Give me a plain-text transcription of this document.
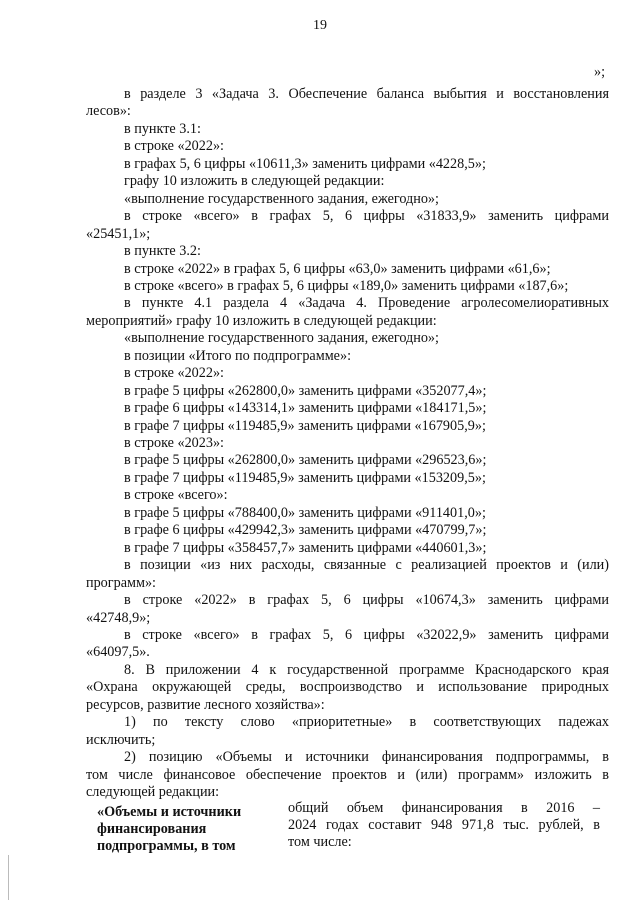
19
»;
в разделе 3 «Задача 3. Обеспечение баланса выбытия и восстановления
лесов»:
в пункте 3.1:
в строке «2022»:
в графах 5, 6 цифры «10611,3» заменить цифрами «4228,5»;
графу 10 изложить в следующей редакции:
«выполнение государственного задания, ежегодно»;
в строке «всего» в графах 5, 6 цифры «31833,9» заменить цифрами
«25451,1»;
в пункте 3.2:
в строке «2022» в графах 5, 6 цифры «63,0» заменить цифрами «61,6»;
в строке «всего» в графах 5, 6 цифры «189,0» заменить цифрами «187,6»;
в пункте 4.1 раздела 4 «Задача 4. Проведение агролесомелиоративных
мероприятий» графу 10 изложить в следующей редакции:
«выполнение государственного задания, ежегодно»;
в позиции «Итого по подпрограмме»:
в строке «2022»:
в графе 5 цифры «262800,0» заменить цифрами «352077,4»;
в графе 6 цифры «143314,1» заменить цифрами «184171,5»;
в графе 7 цифры «119485,9» заменить цифрами «167905,9»;
в строке «2023»:
в графе 5 цифры «262800,0» заменить цифрами «296523,6»;
в графе 7 цифры «119485,9» заменить цифрами «153209,5»;
в строке «всего»:
в графе 5 цифры «788400,0» заменить цифрами «911401,0»;
в графе 6 цифры «429942,3» заменить цифрами «470799,7»;
в графе 7 цифры «358457,7» заменить цифрами «440601,3»;
в позиции «из них расходы, связанные с реализацией проектов и (или)
программ»:
в строке «2022» в графах 5, 6 цифры «10674,3» заменить цифрами
«42748,9»;
в строке «всего» в графах 5, 6 цифры «32022,9» заменить цифрами
«64097,5».
8. В приложении 4 к государственной программе Краснодарского края
«Охрана окружающей среды, воспроизводство и использование природных
ресурсов, развитие лесного хозяйства»:
1) по тексту слово «приоритетные» в соответствующих падежах
исключить;
2) позицию «Объемы и источники финансирования подпрограммы, в
том числе финансовое обеспечение проектов и (или) программ» изложить в
следующей редакции:
«Объемы и источники
финансирования
подпрограммы, в том
общий объем финансирования в 2016 –
2024 годах составит 948 971,8 тыс. рублей, в
том числе:
